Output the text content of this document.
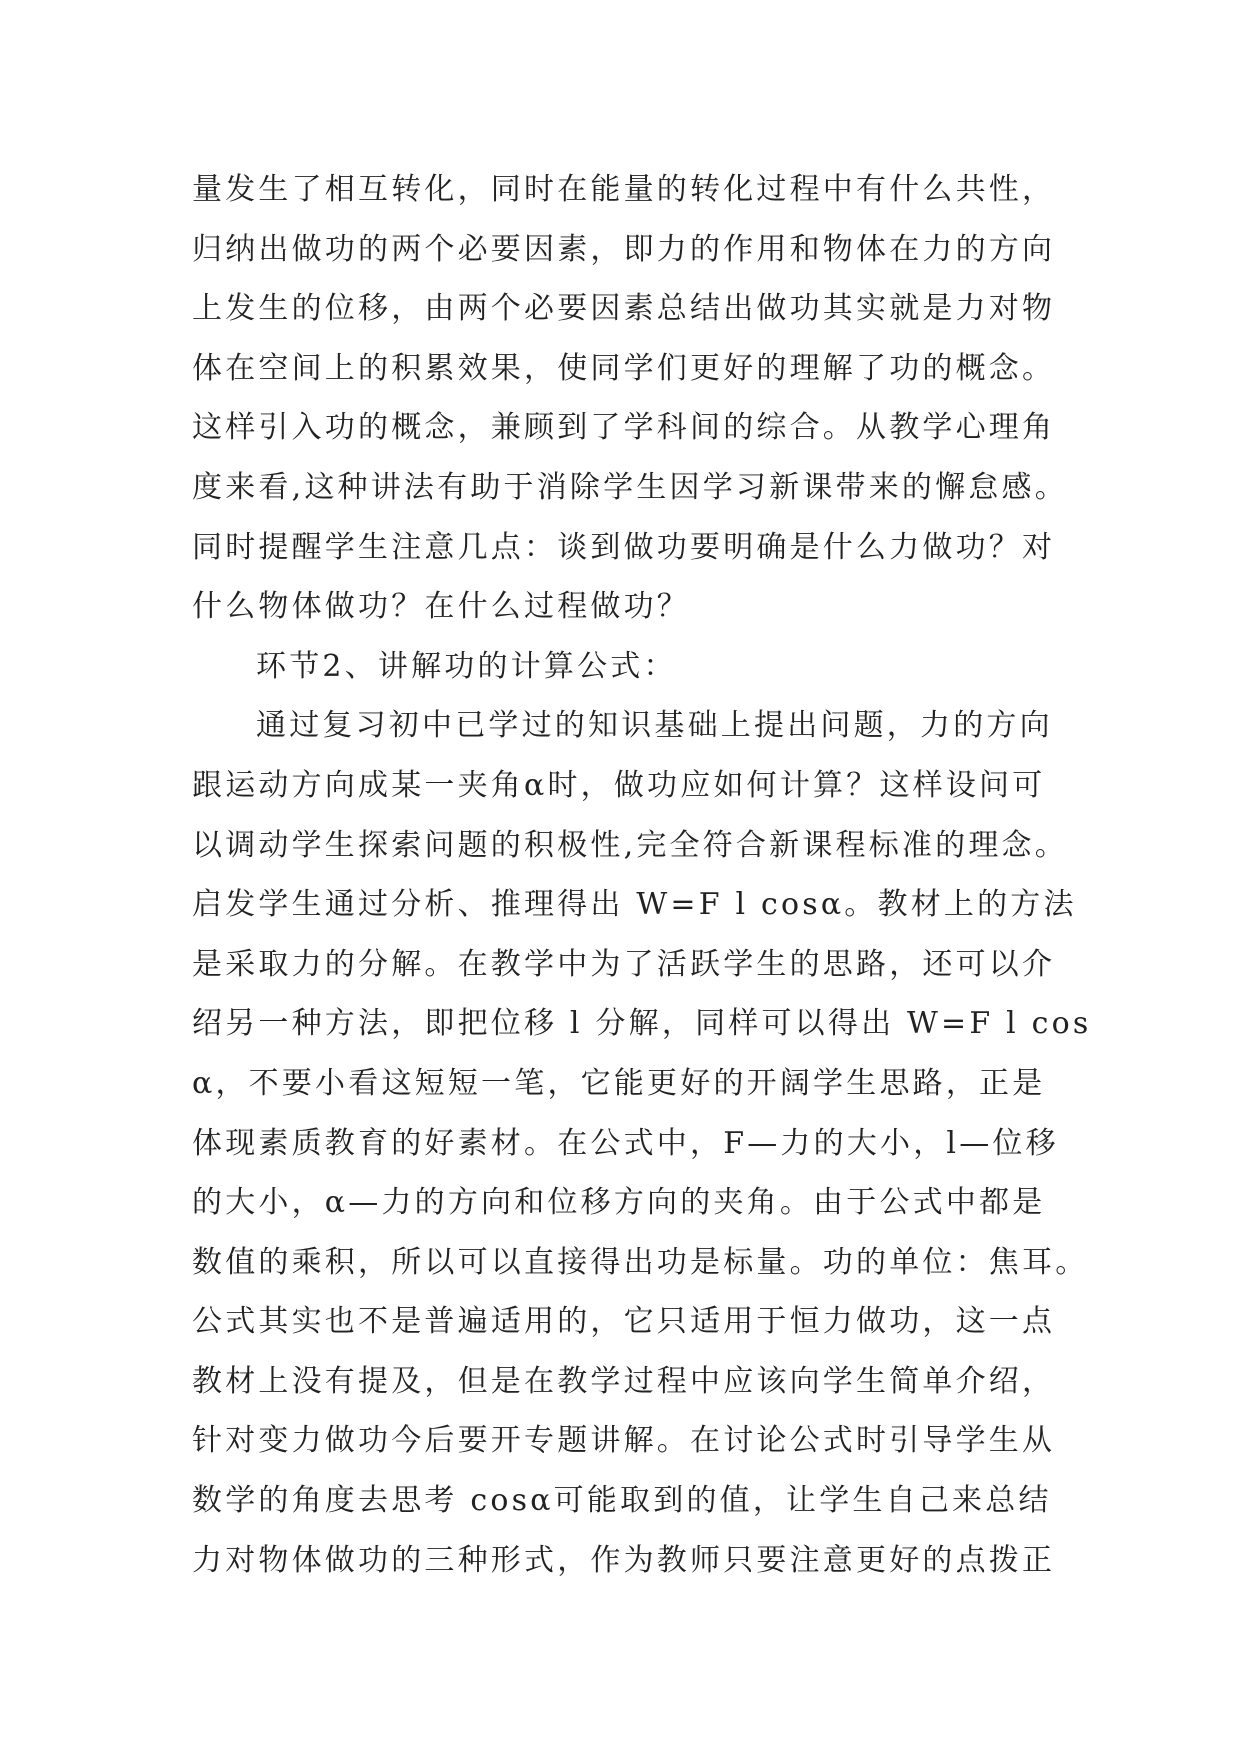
量发生了相互转化，同时在能量的转化过程中有什么共性，
归纳出做功的两个必要因素，即力的作用和物体在力的方向
上发生的位移，由两个必要因素总结出做功其实就是力对物
体在空间上的积累效果，使同学们更好的理解了功的概念。
这样引入功的概念，兼顾到了学科间的综合。从教学心理角
度来看,这种讲法有助于消除学生因学习新课带来的懈怠感。
同时提醒学生注意几点：谈到做功要明确是什么力做功？对
什么物体做功？在什么过程做功？
环节2、讲解功的计算公式：
通过复习初中已学过的知识基础上提出问题，力的方向
跟运动方向成某一夹角α时，做功应如何计算？这样设问可
以调动学生探索问题的积极性,完全符合新课程标准的理念。
启发学生通过分析、推理得出 W=F l cosα。教材上的方法
是采取力的分解。在教学中为了活跃学生的思路，还可以介
绍另一种方法，即把位移 l 分解，同样可以得出 W=F l cos
α，不要小看这短短一笔，它能更好的开阔学生思路，正是
体现素质教育的好素材。在公式中，F—力的大小，l—位移
的大小，α—力的方向和位移方向的夹角。由于公式中都是
数值的乘积，所以可以直接得出功是标量。功的单位：焦耳。
公式其实也不是普遍适用的，它只适用于恒力做功，这一点
教材上没有提及，但是在教学过程中应该向学生简单介绍，
针对变力做功今后要开专题讲解。在讨论公式时引导学生从
数学的角度去思考 cosα可能取到的值，让学生自己来总结
力对物体做功的三种形式，作为教师只要注意更好的点拨正
